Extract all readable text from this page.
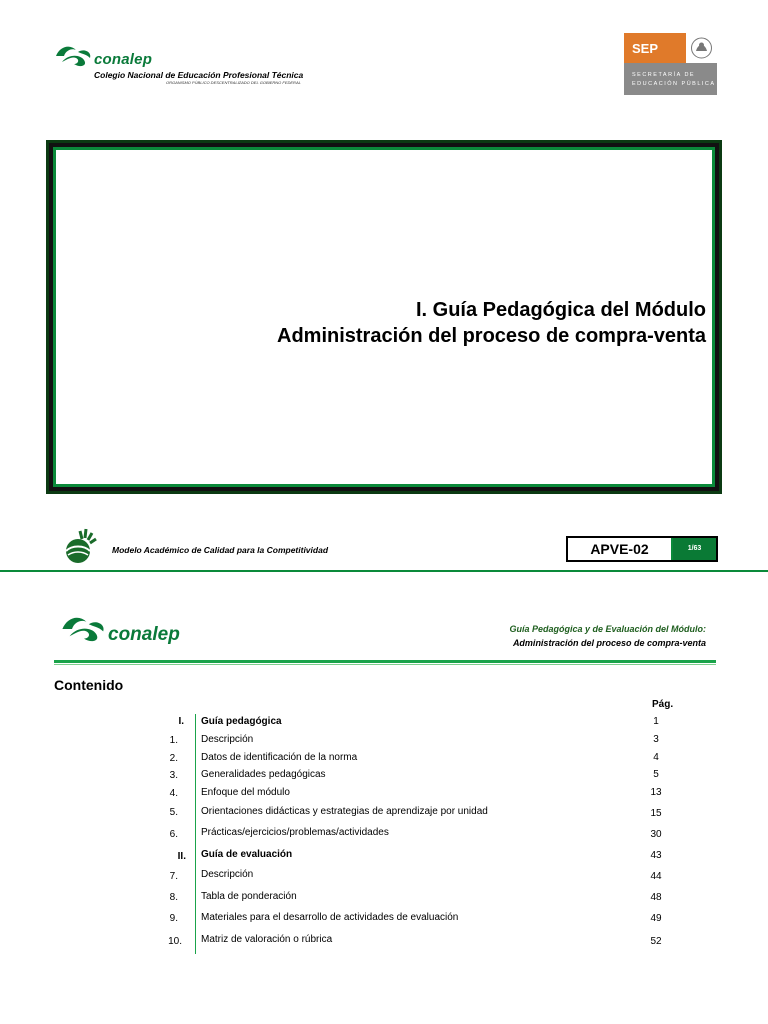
conalep
Colegio Nacional de Educación Profesional Técnica
ORGANISMO PÚBLICO DESCENTRALIZADO DEL GOBIERNO FEDERAL
SEP
SECRETARÍA DE
EDUCACIÓN PÚBLICA
I. Guía Pedagógica del Módulo
Administración del proceso de compra-venta
Modelo Académico de Calidad para la Competitividad	APVE-02	1/63
conalep	Guía Pedagógica y de Evaluación del Módulo:
Administración del proceso de compra-venta
Contenido
Pág.
I. Guía pedagógica	1
1. Descripción	3
2. Datos de identificación de la norma	4
3. Generalidades pedagógicas	5
4. Enfoque del módulo	13
5. Orientaciones didácticas y estrategias de aprendizaje por unidad	15
6. Prácticas/ejercicios/problemas/actividades	30
II. Guía de evaluación	43
7. Descripción	44
8. Tabla de ponderación	48
9. Materiales para el desarrollo de actividades de evaluación	49
10. Matriz de valoración o rúbrica	52
